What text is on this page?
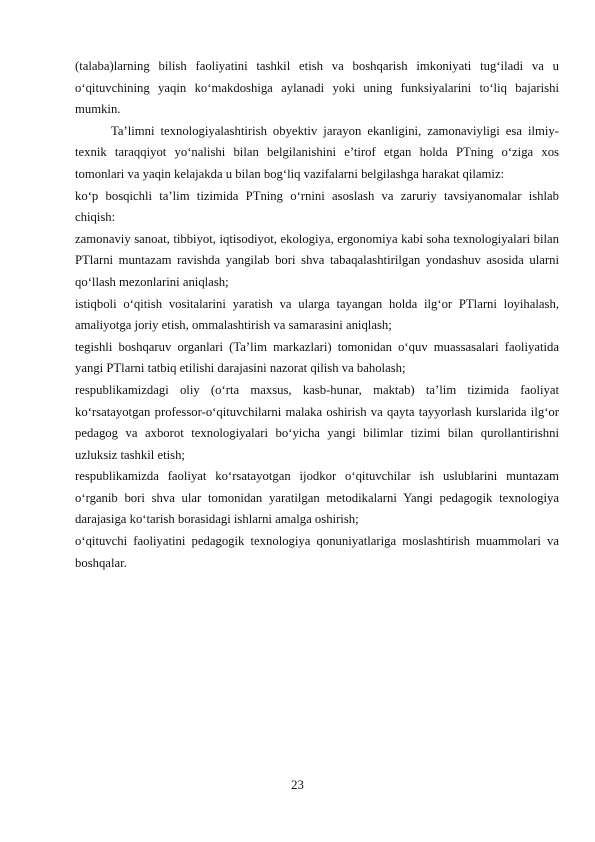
(talaba)larning bilish faoliyatini tashkil etish va boshqarish imkoniyati tug‘iladi va u o‘qituvchining yaqin ko‘makdoshiga aylanadi yoki uning funksiyalarini to‘liq bajarishi mumkin.

Ta’limni texnologiyalashtirish obyektiv jarayon ekanligini, zamonaviyligi esa ilmiy-texnik taraqqiyot yo‘nalishi bilan belgilanishini e’tirof etgan holda PTning o‘ziga xos tomonlari va yaqin kelajakda u bilan bog‘liq vazifalarni belgilashga harakat qilamiz:

ko‘p bosqichli ta’lim tizimida PTning o‘rnini asoslash va zaruriy tavsiyanomalar ishlab chiqish:

zamonaviy sanoat, tibbiyot, iqtisodiyot, ekologiya, ergonomiya kabi soha texnologiyalari bilan PTlarni muntazam ravishda yangilab bori shva tabaqalashtirilgan yondashuv asosida ularni qo‘llash mezonlarini aniqlash;

istiqboli o‘qitish vositalarini yaratish va ularga tayangan holda ilg‘or PTlarni loyihalash, amaliyotga joriy etish, ommalashtirish va samarasini aniqlash;

tegishli boshqaruv organlari (Ta’lim markazlari) tomonidan o‘quv muassasalari faoliyatida yangi PTlarni tatbiq etilishi darajasini nazorat qilish va baholash;

respublikamizdagi oliy (o‘rta maxsus, kasb-hunar, maktab) ta’lim tizimida faoliyat ko‘rsatayotgan professor-o‘qituvchilarni malaka oshirish va qayta tayyorlash kurslarida ilg‘or pedagog va axborot texnologiyalari bo‘yicha yangi bilimlar tizimi bilan qurollantirishni uzluksiz tashkil etish;

respublikamizda faoliyat ko‘rsatayotgan ijodkor o‘qituvchilar ish uslublarini muntazam o‘rganib bori shva ular tomonidan yaratilgan metodikalarni Yangi pedagogik texnologiya darajasiga ko‘tarish borasidagi ishlarni amalga oshirish;

o‘qituvchi faoliyatini pedagogik texnologiya qonuniyatlariga moslashtirish muammolari va boshqalar.

23
